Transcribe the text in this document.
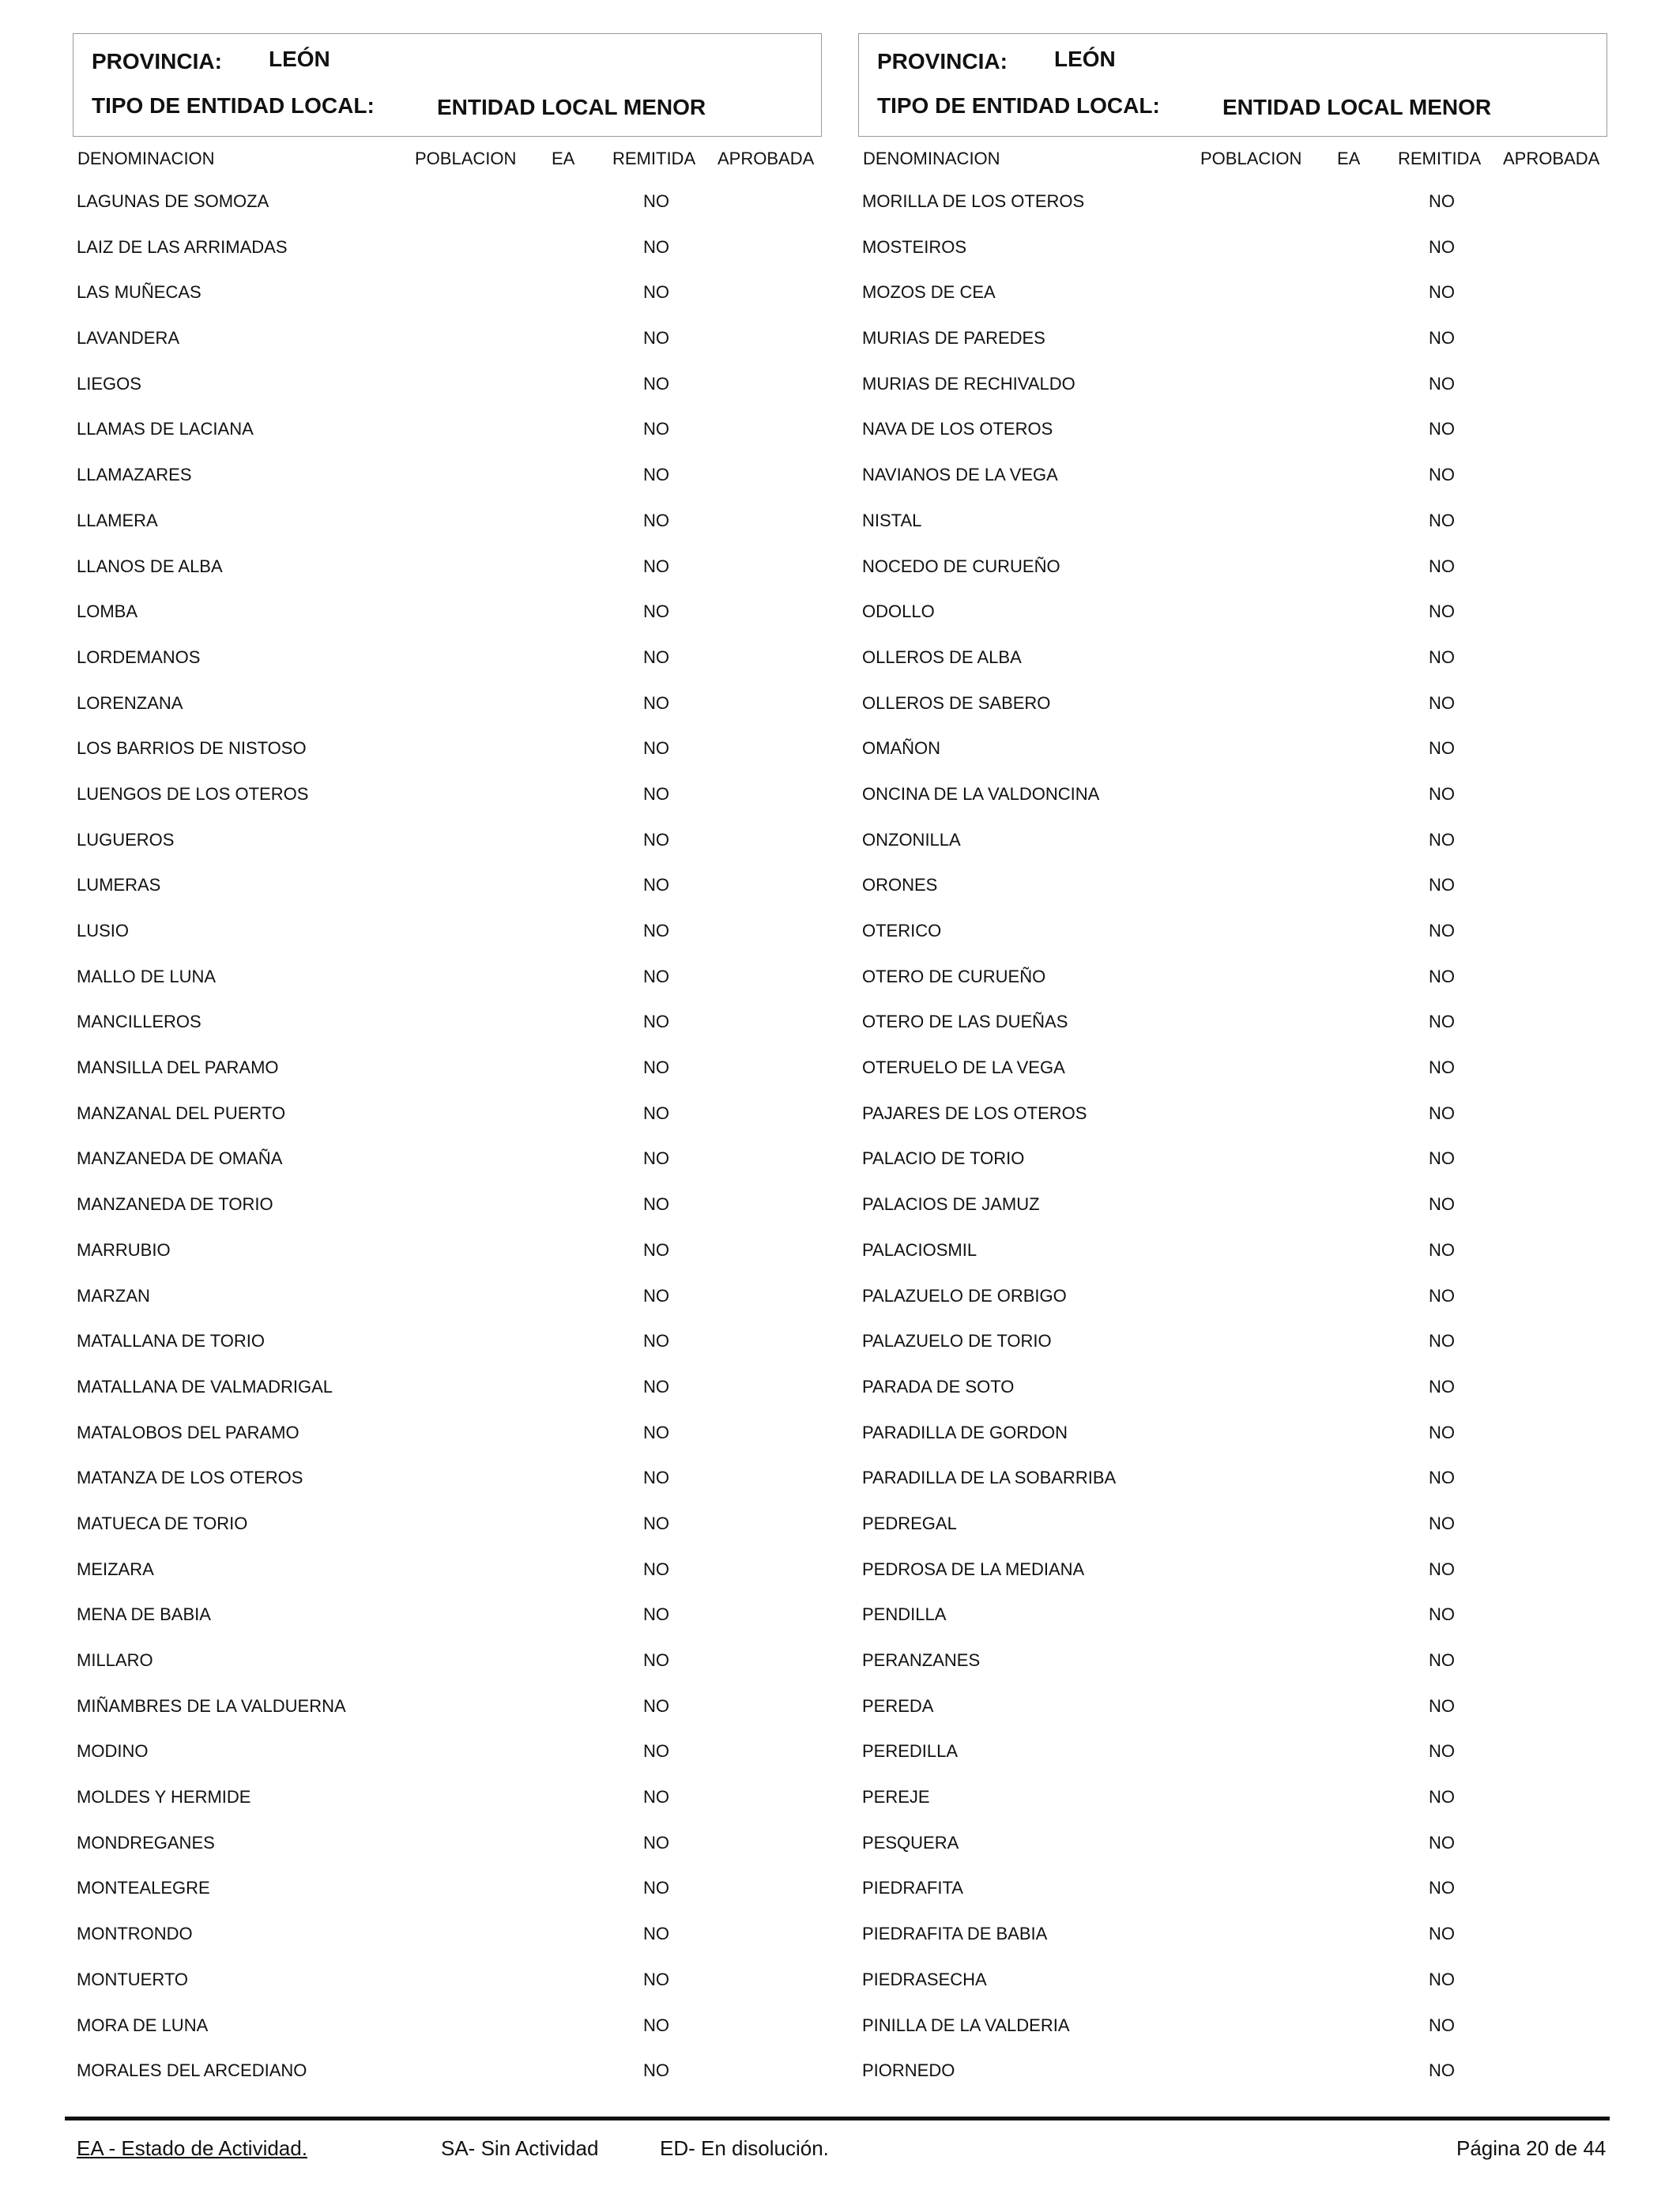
PROVINCIA: LEÓN
TIPO DE ENTIDAD LOCAL:	ENTIDAD LOCAL MENOR
DENOMINACION	POBLACION EA REMITIDA APROBADA
LAGUNAS DE SOMOZA	NO
LAIZ DE LAS ARRIMADAS	NO
LAS MUÑECAS	NO
LAVANDERA	NO
LIEGOS	NO
LLAMAS DE LACIANA	NO
LLAMAZARES	NO
LLAMERA	NO
LLANOS DE ALBA	NO
LOMBA	NO
LORDEMANOS	NO
LORENZANA	NO
LOS BARRIOS DE NISTOSO	NO
LUENGOS DE LOS OTEROS	NO
LUGUEROS	NO
LUMERAS	NO
LUSIO	NO
MALLO DE LUNA	NO
MANCILLEROS	NO
MANSILLA DEL PARAMO	NO
MANZANAL DEL PUERTO	NO
MANZANEDA DE OMAÑA	NO
MANZANEDA DE TORIO	NO
MARRUBIO	NO
MARZAN	NO
MATALLANA DE TORIO	NO
MATALLANA DE VALMADRIGAL	NO
MATALOBOS DEL PARAMO	NO
MATANZA DE LOS OTEROS	NO
MATUECA DE TORIO	NO
MEIZARA	NO
MENA DE BABIA	NO
MILLARO	NO
MIÑAMBRES DE LA VALDUERNA	NO
MODINO	NO
MOLDES Y HERMIDE	NO
MONDREGANES	NO
MONTEALEGRE	NO
MONTRONDO	NO
MONTUERTO	NO
MORA DE LUNA	NO
MORALES DEL ARCEDIANO	NO
PROVINCIA: LEÓN
TIPO DE ENTIDAD LOCAL:	ENTIDAD LOCAL MENOR
DENOMINACION	POBLACION EA REMITIDA APROBADA
MORILLA DE LOS OTEROS	NO
MOSTEIROS	NO
MOZOS DE CEA	NO
MURIAS DE PAREDES	NO
MURIAS DE RECHIVALDO	NO
NAVA DE LOS OTEROS	NO
NAVIANOS DE LA VEGA	NO
NISTAL	NO
NOCEDO DE CURUEÑO	NO
ODOLLO	NO
OLLEROS DE ALBA	NO
OLLEROS DE SABERO	NO
OMAÑON	NO
ONCINA DE LA VALDONCINA	NO
ONZONILLA	NO
ORONES	NO
OTERICO	NO
OTERO DE CURUEÑO	NO
OTERO DE LAS DUEÑAS	NO
OTERUELO DE LA VEGA	NO
PAJARES DE LOS OTEROS	NO
PALACIO DE TORIO	NO
PALACIOS DE JAMUZ	NO
PALACIOSMIL	NO
PALAZUELO DE ORBIGO	NO
PALAZUELO DE TORIO	NO
PARADA DE SOTO	NO
PARADILLA DE GORDON	NO
PARADILLA DE LA SOBARRIBA	NO
PEDREGAL	NO
PEDROSA DE LA MEDIANA	NO
PENDILLA	NO
PERANZANES	NO
PEREDA	NO
PEREDILLA	NO
PEREJE	NO
PESQUERA	NO
PIEDRAFITA	NO
PIEDRAFITA DE BABIA	NO
PIEDRASECHA	NO
PINILLA DE LA VALDERIA	NO
PIORNEDO	NO
EA - Estado de Actividad.	SA- Sin Actividad	ED- En disolución.	Página 20 de 44
